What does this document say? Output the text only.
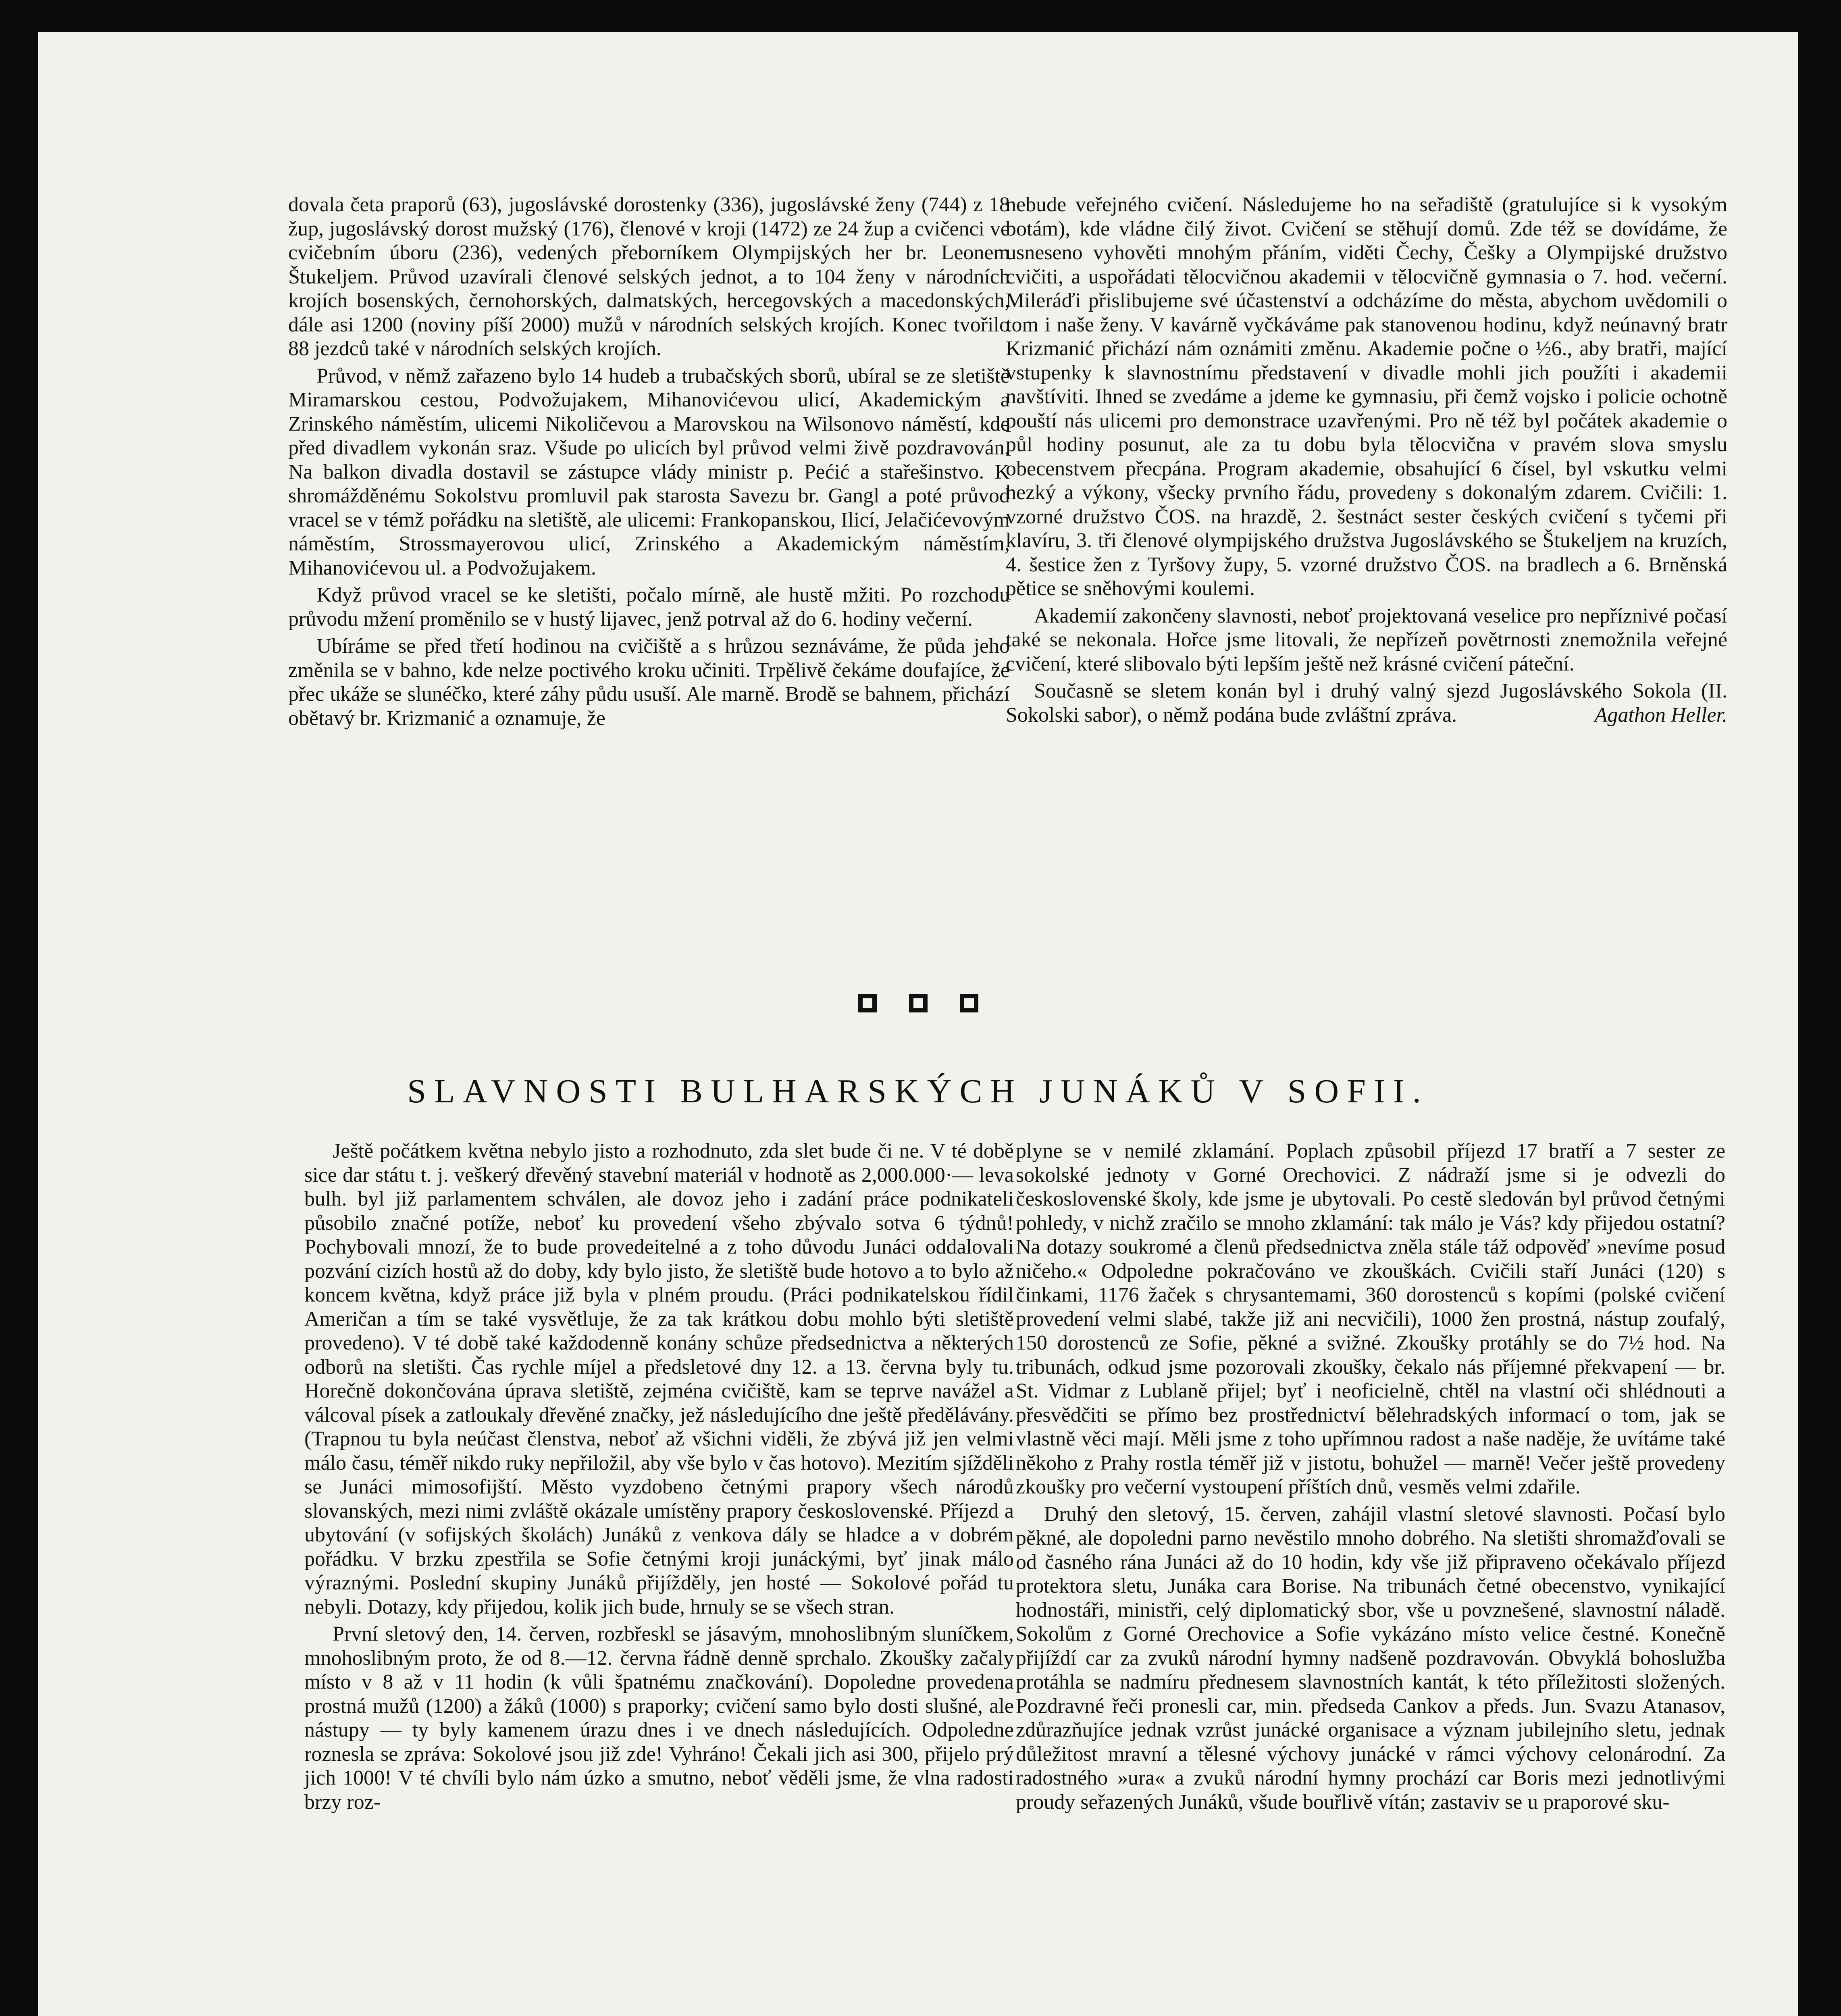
dovala četa praporů (63), jugoslávské dorostenky (336), jugoslávské ženy (744) z 18 žup, jugoslávský dorost mužský (176), členové v kroji (1472) ze 24 žup a cvičenci ve cvičebním úboru (236), vedených přeborníkem Olympijských her br. Leonem Štukeljem. Průvod uzavírali členové selských jednot, a to 104 ženy v národních krojích bosenských, černohorských, dalmatských, hercegovských a macedonských, dále asi 1200 (noviny píší 2000) mužů v národních selských krojích. Konec tvořilo 88 jezdců také v národních selských krojích.

Průvod, v němž zařazeno bylo 14 hudeb a trubačských sborů, ubíral se ze sletiště Miramarskou cestou, Podvožujakem, Mihanovićevou ulicí, Akademickým a Zrinského náměstím, ulicemi Nikoličevou a Marovskou na Wilsonovo náměstí, kde před divadlem vykonán sraz. Všude po ulicích byl průvod velmi živě pozdravován. Na balkon divadla dostavil se zástupce vlády ministr p. Pećić a stařešinstvo. K shromážděnému Sokolstvu promluvil pak starosta Savezu br. Gangl a poté průvod vracel se v témž pořádku na sletiště, ale ulicemi: Frankopanskou, Ilicí, Jelačićevovým náměstím, Strossmayerovou ulicí, Zrinského a Akademickým náměstím, Mihanovićevou ul. a Podvožujakem.

Když průvod vracel se ke sletišti, počalo mírně, ale hustě mžiti. Po rozchodu průvodu mžení proměnilo se v hustý lijavec, jenž potrval až do 6. hodiny večerní.

Ubíráme se před třetí hodinou na cvičiště a s hrůzou seznáváme, že půda jeho změnila se v bahno, kde nelze poctivého kroku učiniti. Trpělivě čekáme doufajíce, že přec ukáže se slunéčko, které záhy půdu usuší. Ale marně. Brodě se bahnem, přichází obětavý br. Krizmanić a oznamuje, že

nebude veřejného cvičení. Následujeme ho na seřadiště (gratulujíce si k vysokým botám), kde vládne čilý život. Cvičení se stěhují domů. Zde též se dovídáme, že usneseno vyhověti mnohým přáním, viděti Čechy, Češky a Olympijské družstvo cvičiti, a uspořádati tělocvičnou akademii v tělocvičně gymnasia o 7. hod. večerní. Mileráďi přislibujeme své účastenství a odcházíme do města, abychom uvědomili o tom i naše ženy. V kavárně vyčkáváme pak stanovenou hodinu, když neúnavný bratr Krizmanić přichází nám oznámiti změnu. Akademie počne o ½6., aby bratři, mající vstupenky k slavnostnímu představení v divadle mohli jich použíti i akademii navštíviti. Ihned se zvedáme a jdeme ke gymnasiu, při čemž vojsko i policie ochotně pouští nás ulicemi pro demonstrace uzavřenými. Pro ně též byl počátek akademie o půl hodiny posunut, ale za tu dobu byla tělocvična v pravém slova smyslu obecenstvem přecpána. Program akademie, obsahující 6 čísel, byl vskutku velmi hezký a výkony, všecky prvního řádu, provedeny s dokonalým zdarem. Cvičili: 1. vzorné družstvo ČOS. na hrazdě, 2. šestnáct sester českých cvičení s tyčemi při klavíru, 3. tři členové olympijského družstva Jugoslávského se Štukeljem na kruzích, 4. šestice žen z Tyršovy župy, 5. vzorné družstvo ČOS. na bradlech a 6. Brněnská pětice se sněhovými koulemi.

Akademií zakončeny slavnosti, neboť projektovaná veselice pro nepříznivé počasí také se nekonala. Hořce jsme litovali, že nepřízeň povětrnosti znemožnila veřejné cvičení, které slibovalo býti lepším ještě než krásné cvičení páteční.

Současně se sletem konán byl i druhý valný sjezd Jugoslávského Sokola (II. Sokolski sabor), o němž podána bude zvláštní zpráva.	Agathon Heller.

SLAVNOSTI BULHARSKÝCH JUNÁKŮ V SOFII.

Ještě počátkem května nebylo jisto a rozhodnuto, zda slet bude či ne. V té době sice dar státu t. j. veškerý dřevěný stavební materiál v hodnotě as 2,000.000·— leva bulh. byl již parlamentem schválen, ale dovoz jeho i zadání práce podnikateli působilo značné potíže, neboť ku provedení všeho zbývalo sotva 6 týdnů! Pochybovali mnozí, že to bude provedeitelné a z toho důvodu Junáci oddalovali pozvání cizích hostů až do doby, kdy bylo jisto, že sletiště bude hotovo a to bylo až koncem května, když práce již byla v plném proudu. (Práci podnikatelskou řídil Američan a tím se také vysvětluje, že za tak krátkou dobu mohlo býti sletiště provedeno). V té době také každodenně konány schůze předsednictva a některých odborů na sletišti. Čas rychle míjel a předsletové dny 12. a 13. června byly tu. Horečně dokončována úprava sletiště, zejména cvičiště, kam se teprve navážel a válcoval písek a zatloukaly dřevěné značky, jež následujícího dne ještě předělávány. (Trapnou tu byla neúčast členstva, neboť až všichni viděli, že zbývá již jen velmi málo času, téměř nikdo ruky nepřiložil, aby vše bylo v čas hotovo). Mezitím sjížděli se Junáci mimosofijští. Město vyzdobeno četnými prapory všech národů slovanských, mezi nimi zvláště okázale umístěny prapory československé. Příjezd a ubytování (v sofijských školách) Junáků z venkova dály se hladce a v dobrém pořádku. V brzku zpestřila se Sofie četnými kroji junáckými, byť jinak málo výraznými. Poslední skupiny Junáků přijížděly, jen hosté — Sokolové pořád tu nebyli. Dotazy, kdy přijedou, kolik jich bude, hrnuly se se všech stran.

První sletový den, 14. červen, rozbřeskl se jásavým, mnohoslibným sluníčkem, mnohoslibným proto, že od 8.—12. června řádně denně sprchalo. Zkoušky začaly místo v 8 až v 11 hodin (k vůli špatnému značkování). Dopoledne provedena prostná mužů (1200) a žáků (1000) s praporky; cvičení samo bylo dosti slušné, ale nástupy — ty byly kamenem úrazu dnes i ve dnech následujících. Odpoledne roznesla se zpráva: Sokolové jsou již zde! Vyhráno! Čekali jich asi 300, přijelo prý jich 1000! V té chvíli bylo nám úzko a smutno, neboť věděli jsme, že vlna radosti brzy roz-

plyne se v nemilé zklamání. Poplach způsobil příjezd 17 bratří a 7 sester ze sokolské jednoty v Gorné Orechovici. Z nádraží jsme si je odvezli do československé školy, kde jsme je ubytovali. Po cestě sledován byl průvod četnými pohledy, v nichž zračilo se mnoho zklamání: tak málo je Vás? kdy přijedou ostatní? Na dotazy soukromé a členů předsednictva zněla stále táž odpověď »nevíme posud ničeho.« Odpoledne pokračováno ve zkouškách. Cvičili staří Junáci (120) s činkami, 1176 žaček s chrysantemami, 360 dorostenců s kopími (polské cvičení provedení velmi slabé, takže již ani necvičili), 1000 žen prostná, nástup zoufalý, 150 dorostenců ze Sofie, pěkné a svižné. Zkoušky protáhly se do 7½ hod. Na tribunách, odkud jsme pozorovali zkoušky, čekalo nás příjemné překvapení — br. St. Vidmar z Lublaně přijel; byť i neoficielně, chtěl na vlastní oči shlédnouti a přesvědčiti se přímo bez prostřednictví bělehradských informací o tom, jak se vlastně věci mají. Měli jsme z toho upřímnou radost a naše naděje, že uvítáme také někoho z Prahy rostla téměř již v jistotu, bohužel — marně! Večer ještě provedeny zkoušky pro večerní vystoupení příštích dnů, vesměs velmi zdařile.

Druhý den sletový, 15. červen, zahájil vlastní sletové slavnosti. Počasí bylo pěkné, ale dopoledni parno nevěstilo mnoho dobrého. Na sletišti shromažďovali se od časného rána Junáci až do 10 hodin, kdy vše již připraveno očekávalo příjezd protektora sletu, Junáka cara Borise. Na tribunách četné obecenstvo, vynikající hodnostáři, ministři, celý diplomatický sbor, vše u povznešené, slavnostní náladě. Sokolům z Gorné Orechovice a Sofie vykázáno místo velice čestné. Konečně přijíždí car za zvuků národní hymny nadšeně pozdravován. Obvyklá bohoslužba protáhla se nadmíru přednesem slavnostních kantát, k této příležitosti složených. Pozdravné řeči pronesli car, min. předseda Cankov a předs. Jun. Svazu Atanasov, zdůrazňujíce jednak vzrůst junácké organisace a význam jubilejního sletu, jednak důležitost mravní a tělesné výchovy junácké v rámci výchovy celonárodní. Za radostného »ura« a zvuků národní hymny prochází car Boris mezi jednotlivými proudy seřazených Junáků, všude bouřlivě vítán; zastaviv se u praporové sku-
